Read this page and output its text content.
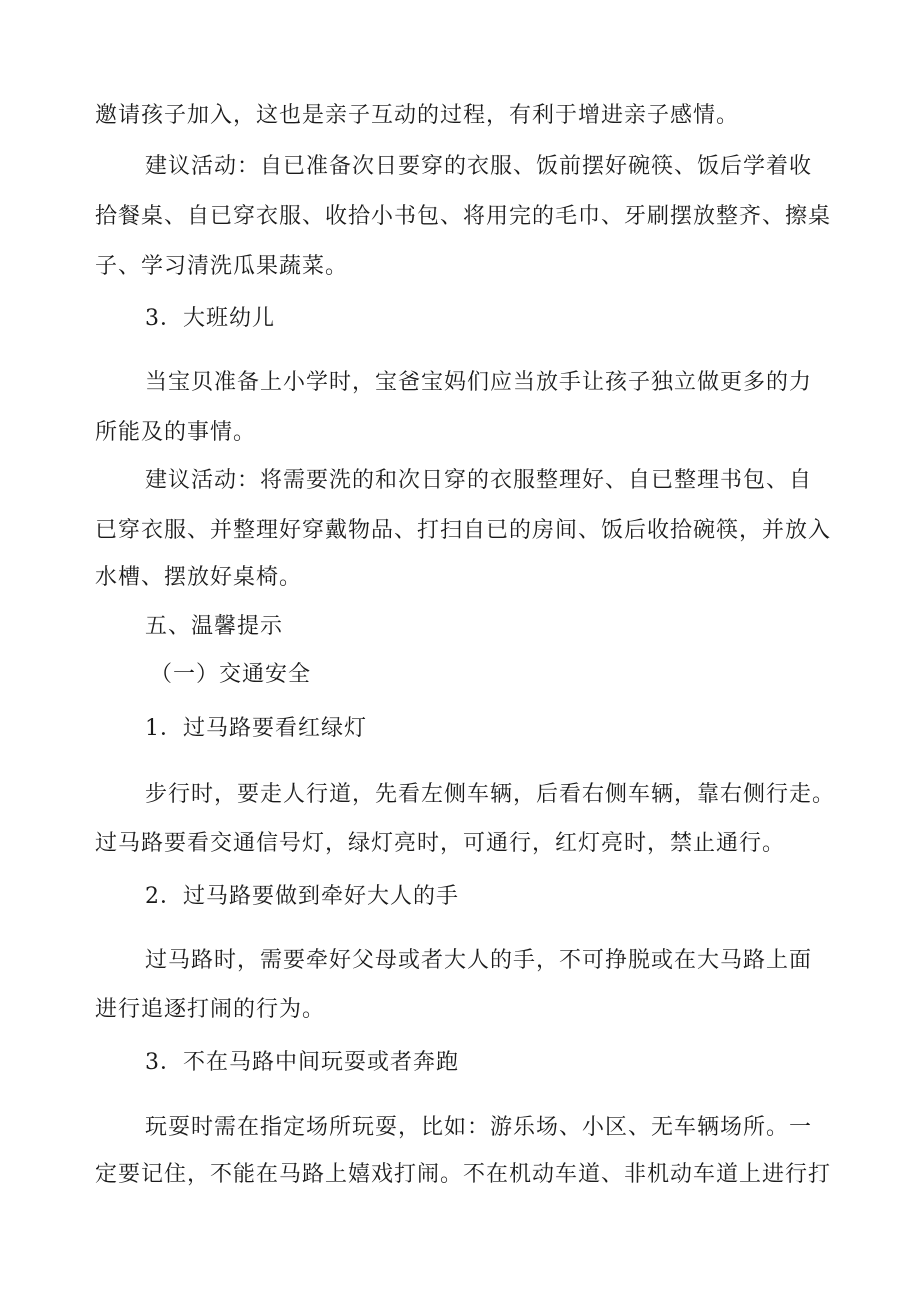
邀请孩子加入，这也是亲子互动的过程，有利于增进亲子感情。
建议活动：自已准备次日要穿的衣服、饭前摆好碗筷、饭后学着收
拾餐桌、自已穿衣服、收拾小书包、将用完的毛巾、牙刷摆放整齐、擦桌
子、学习清洗瓜果蔬菜。
3．大班幼儿
当宝贝准备上小学时，宝爸宝妈们应当放手让孩子独立做更多的力
所能及的事情。
建议活动：将需要洗的和次日穿的衣服整理好、自已整理书包、自
已穿衣服、并整理好穿戴物品、打扫自已的房间、饭后收拾碗筷，并放入
水槽、摆放好桌椅。
五、温馨提示
（一）交通安全
1．过马路要看红绿灯
步行时，要走人行道，先看左侧车辆，后看右侧车辆，靠右侧行走。
过马路要看交通信号灯，绿灯亮时，可通行，红灯亮时，禁止通行。
2．过马路要做到牵好大人的手
过马路时，需要牵好父母或者大人的手，不可挣脱或在大马路上面
进行追逐打闹的行为。
3．不在马路中间玩耍或者奔跑
玩耍时需在指定场所玩耍，比如：游乐场、小区、无车辆场所。一
定要记住，不能在马路上嬉戏打闹。不在机动车道、非机动车道上进行打
